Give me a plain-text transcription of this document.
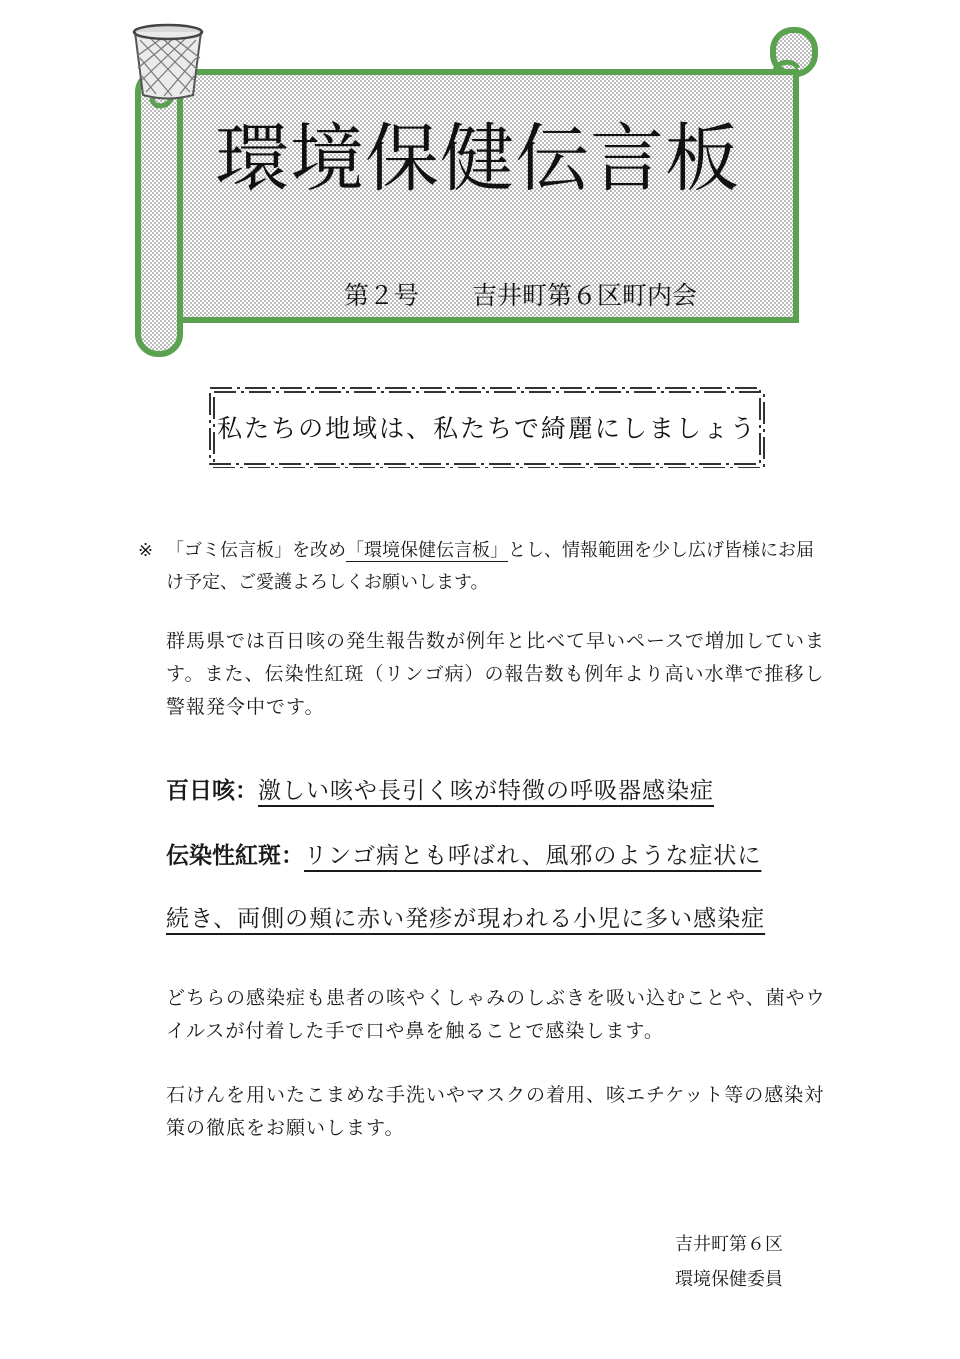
環境保健伝言板
第２号 吉井町第６区町内会
私たちの地域は、私たちで綺麗にしましょう
※ 「ゴミ伝言板」を改め「環境保健伝言板」とし、情報範囲を少し広げ皆様にお届け予定、ご愛護よろしくお願いします。
群馬県では百日咳の発生報告数が例年と比べて早いペースで増加しています。また、伝染性紅斑（リンゴ病）の報告数も例年より高い水準で推移し警報発令中です。
百日咳：激しい咳や長引く咳が特徴の呼吸器感染症
伝染性紅斑：リンゴ病とも呼ばれ、風邪のような症状に
続き、両側の頬に赤い発疹が現われる小児に多い感染症
どちらの感染症も患者の咳やくしゃみのしぶきを吸い込むことや、菌やウイルスが付着した手で口や鼻を触ることで感染します。
石けんを用いたこまめな手洗いやマスクの着用、咳エチケット等の感染対策の徹底をお願いします。
吉井町第６区
環境保健委員
